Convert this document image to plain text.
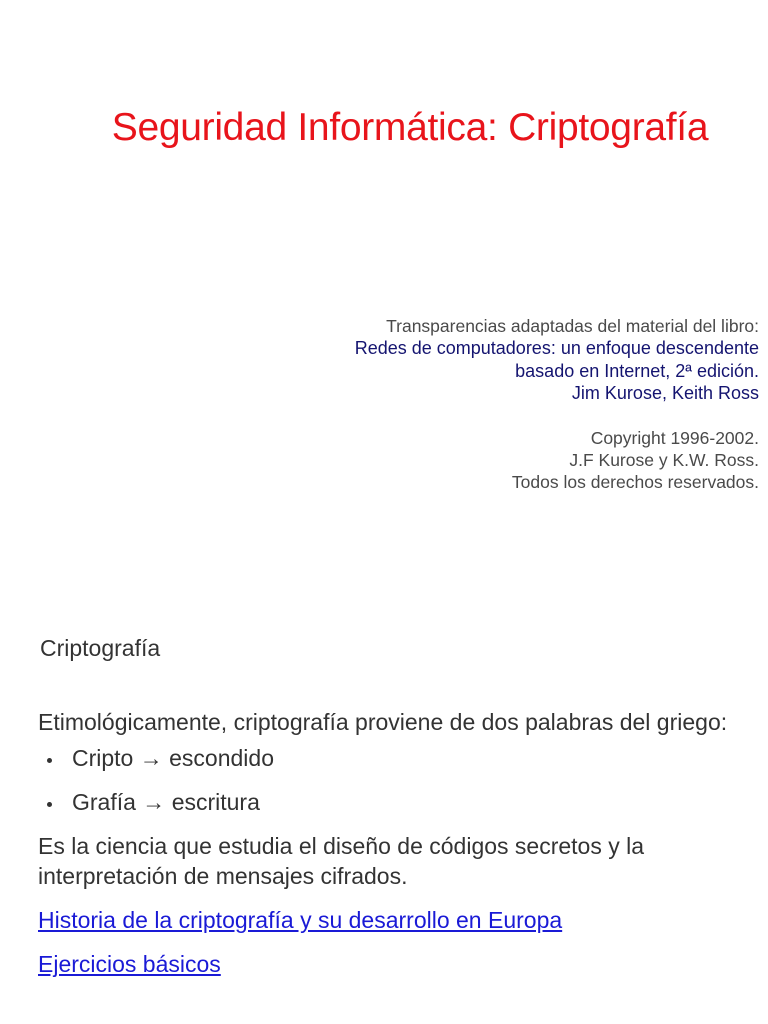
Seguridad Informática: Criptografía
Transparencias adaptadas del material del libro:
Redes de computadores: un enfoque descendente
basado en Internet, 2ª edición.
Jim Kurose, Keith Ross
Copyright 1996-2002.
J.F Kurose y K.W. Ross.
Todos los derechos reservados.
Criptografía

Etimológicamente, criptografía proviene de dos palabras del griego:

Cripto → escondido
Grafía → escritura

Es la ciencia que estudia el diseño de códigos secretos y la interpretación de mensajes cifrados.

Historia de la criptografía y su desarrollo en Europa
Ejercicios básicos
